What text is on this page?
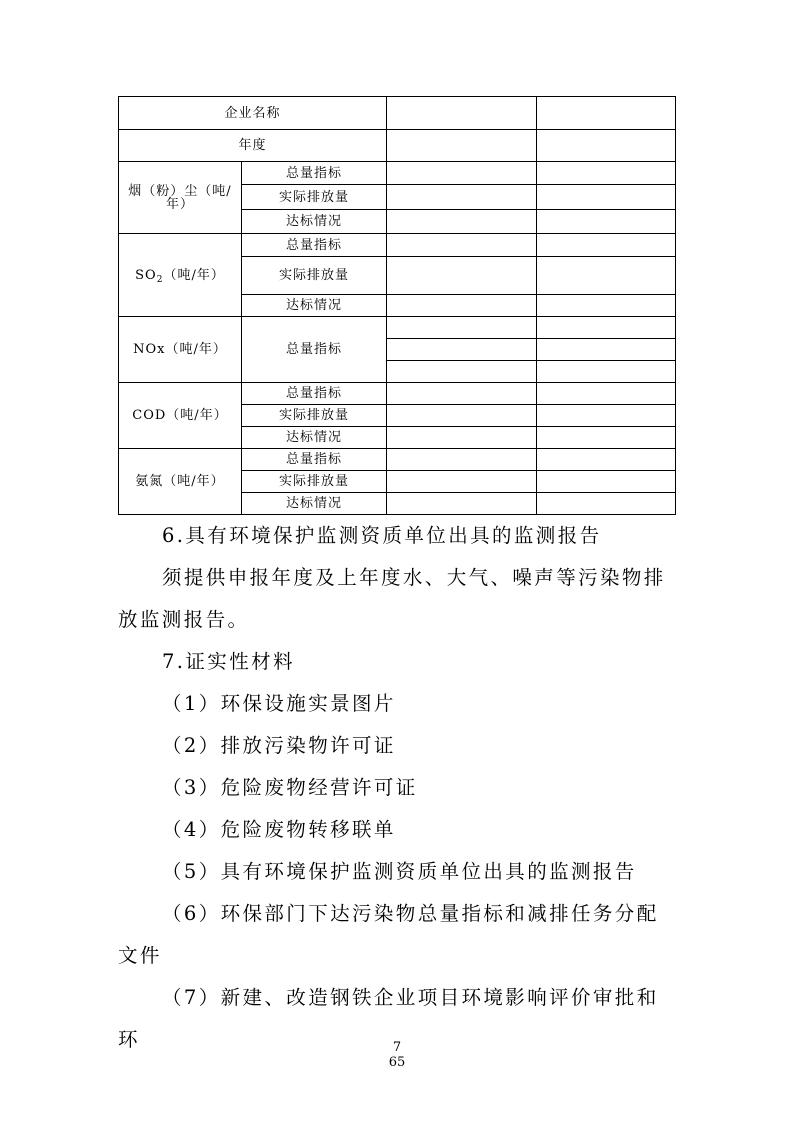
企业名称			
年度			
烟（粉）尘（吨/年）	总量指标		
	实际排放量		
	达标情况		
$SO_2$（吨/年）	总量指标		
	实际排放量		
	达标情况		
NOx（吨/年）	总量指标		

COD（吨/年）	总量指标		
	实际排放量		
	达标情况		
氨氮（吨/年）	总量指标		
	实际排放量		
	达标情况		

6.具有环境保护监测资质单位出具的监测报告

须提供申报年度及上年度水、大气、噪声等污染物排放监测报告。

7.证实性材料

（1）环保设施实景图片

（2）排放污染物许可证

（3）危险废物经营许可证

（4）危险废物转移联单

（5）具有环境保护监测资质单位出具的监测报告

（6）环保部门下达污染物总量指标和减排任务分配文件

（7）新建、改造钢铁企业项目环境影响评价审批和环	7
65
